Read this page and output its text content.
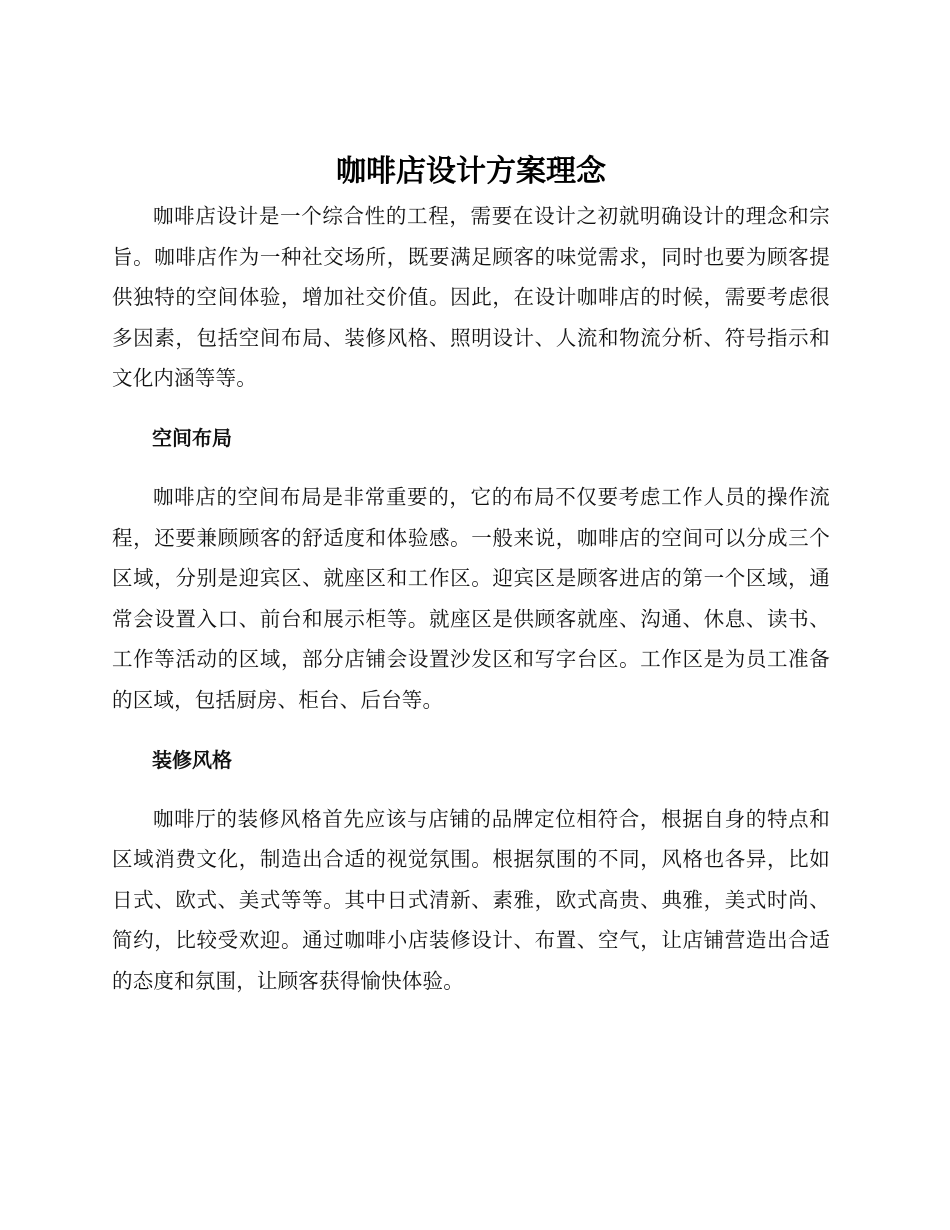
咖啡店设计方案理念

咖啡店设计是一个综合性的工程，需要在设计之初就明确设计的理念和宗旨。咖啡店作为一种社交场所，既要满足顾客的味觉需求，同时也要为顾客提供独特的空间体验，增加社交价值。因此，在设计咖啡店的时候，需要考虑很多因素，包括空间布局、装修风格、照明设计、人流和物流分析、符号指示和文化内涵等等。

空间布局

咖啡店的空间布局是非常重要的，它的布局不仅要考虑工作人员的操作流程，还要兼顾顾客的舒适度和体验感。一般来说，咖啡店的空间可以分成三个区域，分别是迎宾区、就座区和工作区。迎宾区是顾客进店的第一个区域，通常会设置入口、前台和展示柜等。就座区是供顾客就座、沟通、休息、读书、工作等活动的区域，部分店铺会设置沙发区和写字台区。工作区是为员工准备的区域，包括厨房、柜台、后台等。

装修风格

咖啡厅的装修风格首先应该与店铺的品牌定位相符合，根据自身的特点和区域消费文化，制造出合适的视觉氛围。根据氛围的不同，风格也各异，比如日式、欧式、美式等等。其中日式清新、素雅，欧式高贵、典雅，美式时尚、简约，比较受欢迎。通过咖啡小店装修设计、布置、空气，让店铺营造出合适的态度和氛围，让顾客获得愉快体验。
